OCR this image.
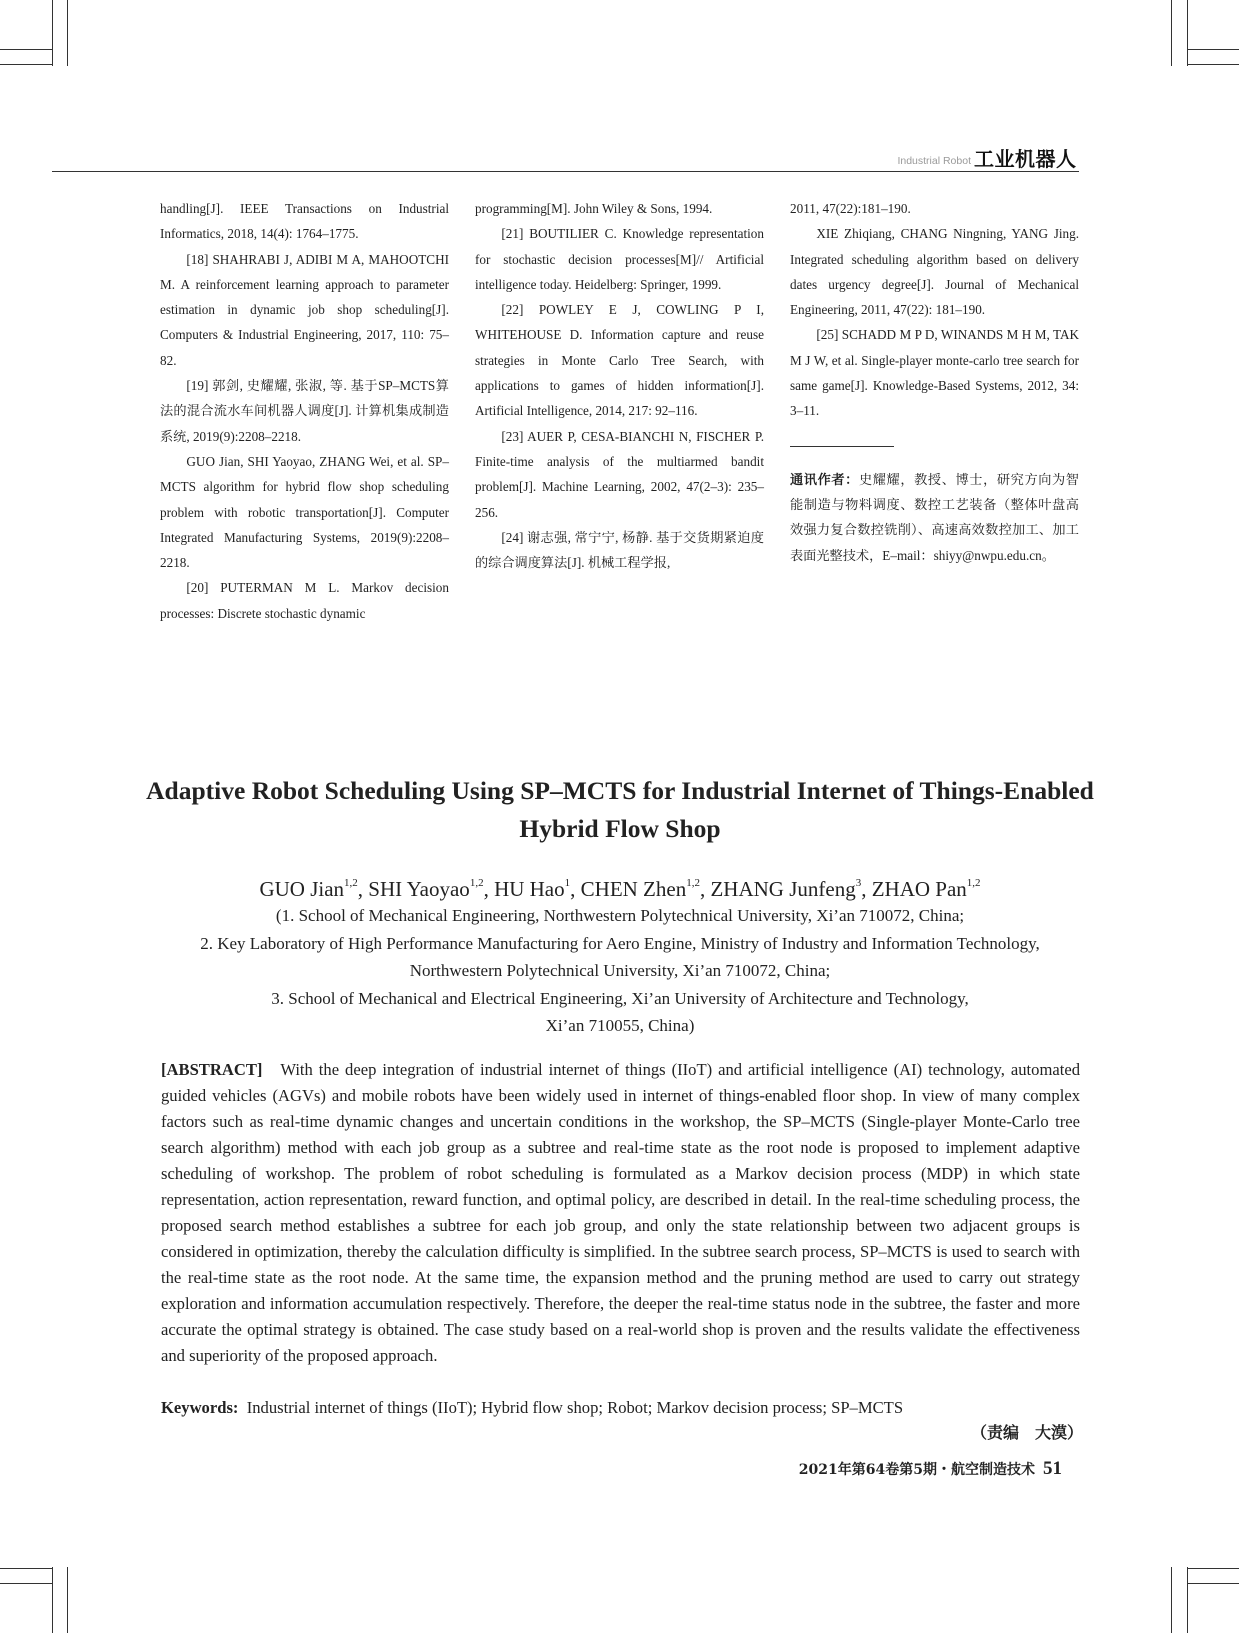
Industrial Robot 工业机器人

handling[J]. IEEE Transactions on Industrial Informatics, 2018, 14(4): 1764–1775.

[18] SHAHRABI J, ADIBI M A, MAHOOTCHI M. A reinforcement learning approach to parameter estimation in dynamic job shop scheduling[J]. Computers & Industrial Engineering, 2017, 110: 75–82.

[19] 郭剑, 史耀耀, 张淑, 等. 基于SP–MCTS算法的混合流水车间机器人调度[J]. 计算机集成制造系统, 2019(9):2208–2218.

GUO Jian, SHI Yaoyao, ZHANG Wei, et al. SP–MCTS algorithm for hybrid flow shop scheduling problem with robotic transportation[J]. Computer Integrated Manufacturing Systems, 2019(9):2208–2218.

[20] PUTERMAN M L. Markov decision processes: Discrete stochastic dynamic

programming[M]. John Wiley & Sons, 1994.

[21] BOUTILIER C. Knowledge representation for stochastic decision processes[M]// Artificial intelligence today. Heidelberg: Springer, 1999.

[22] POWLEY E J, COWLING P I, WHITEHOUSE D. Information capture and reuse strategies in Monte Carlo Tree Search, with applications to games of hidden information[J]. Artificial Intelligence, 2014, 217: 92–116.

[23] AUER P, CESA-BIANCHI N, FISCHER P. Finite-time analysis of the multiarmed bandit problem[J]. Machine Learning, 2002, 47(2–3): 235–256.

[24] 谢志强, 常宁宁, 杨静. 基于交货期紧迫度的综合调度算法[J]. 机械工程学报,

2011, 47(22):181–190.

XIE Zhiqiang, CHANG Ningning, YANG Jing. Integrated scheduling algorithm based on delivery dates urgency degree[J]. Journal of Mechanical Engineering, 2011, 47(22): 181–190.

[25] SCHADD M P D, WINANDS M H M, TAK M J W, et al. Single-player monte-carlo tree search for same game[J]. Knowledge-Based Systems, 2012, 34: 3–11.

通讯作者：史耀耀，教授、博士，研究方向为智能制造与物料调度、数控工艺装备（整体叶盘高效强力复合数控铣削）、高速高效数控加工、加工表面光整技术，E–mail：shiyy@nwpu.edu.cn。

Adaptive Robot Scheduling Using SP–MCTS for Industrial Internet of Things-Enabled Hybrid Flow Shop
GUO Jian$^{1,2}$, SHI Yaoyao$^{1,2}$, HU Hao$^1$, CHEN Zhen$^{1,2}$, ZHANG Junfeng$^3$, ZHAO Pan$^{1,2}$
(1. School of Mechanical Engineering, Northwestern Polytechnical University, Xi’an 710072, China;
2. Key Laboratory of High Performance Manufacturing for Aero Engine, Ministry of Industry and Information Technology,
Northwestern Polytechnical University, Xi’an 710072, China;
3. School of Mechanical and Electrical Engineering, Xi’an University of Architecture and Technology,
Xi’an 710055, China)
[ABSTRACT] With the deep integration of industrial internet of things (IIoT) and artificial intelligence (AI) technology, automated guided vehicles (AGVs) and mobile robots have been widely used in internet of things-enabled floor shop. In view of many complex factors such as real-time dynamic changes and uncertain conditions in the workshop, the SP–MCTS (Single-player Monte-Carlo tree search algorithm) method with each job group as a subtree and real-time state as the root node is proposed to implement adaptive scheduling of workshop. The problem of robot scheduling is formulated as a Markov decision process (MDP) in which state representation, action representation, reward function, and optimal policy, are described in detail. In the real-time scheduling process, the proposed search method establishes a subtree for each job group, and only the state relationship between two adjacent groups is considered in optimization, thereby the calculation difficulty is simplified. In the subtree search process, SP–MCTS is used to search with the real-time state as the root node. At the same time, the expansion method and the pruning method are used to carry out strategy exploration and information accumulation respectively. Therefore, the deeper the real-time status node in the subtree, the faster and more accurate the optimal strategy is obtained. The case study based on a real-world shop is proven and the results validate the effectiveness and superiority of the proposed approach.
Keywords: Industrial internet of things (IIoT); Hybrid flow shop; Robot; Markov decision process; SP–MCTS
（责编　大漠）
2021年第64卷第5期・航空制造技术 51
